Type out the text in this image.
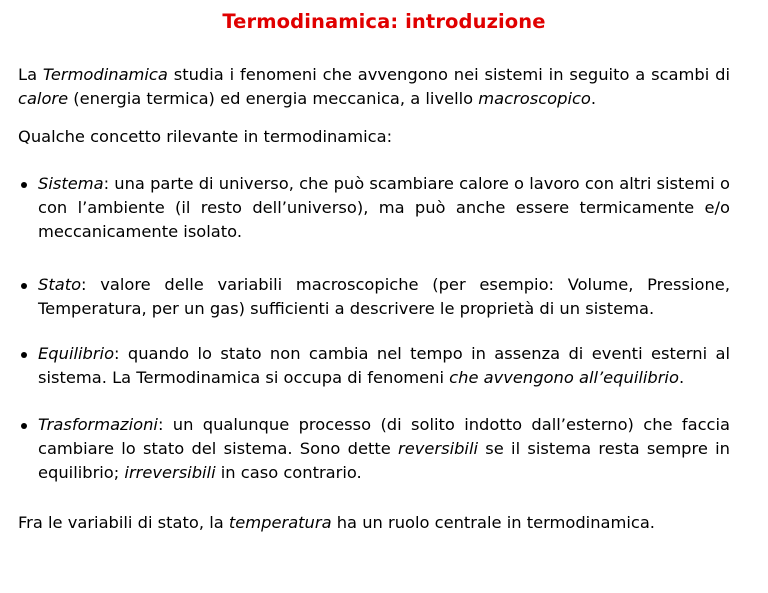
Termodinamica: introduzione
La Termodinamica studia i fenomeni che avvengono nei sistemi in seguito a scambi di calore (energia termica) ed energia meccanica, a livello macroscopico.
Qualche concetto rilevante in termodinamica:
Sistema: una parte di universo, che può scambiare calore o lavoro con altri sistemi o con l’ambiente (il resto dell’universo), ma può anche essere termicamente e/o meccanicamente isolato.
Stato: valore delle variabili macroscopiche (per esempio: Volume, Pressione, Temperatura, per un gas) sufficienti a descrivere le proprietà di un sistema.
Equilibrio: quando lo stato non cambia nel tempo in assenza di eventi esterni al sistema. La Termodinamica si occupa di fenomeni che avvengono all’equilibrio.
Trasformazioni: un qualunque processo (di solito indotto dall’esterno) che faccia cambiare lo stato del sistema. Sono dette reversibili se il sistema resta sempre in equilibrio; irreversibili in caso contrario.
Fra le variabili di stato, la temperatura ha un ruolo centrale in termodinamica.
